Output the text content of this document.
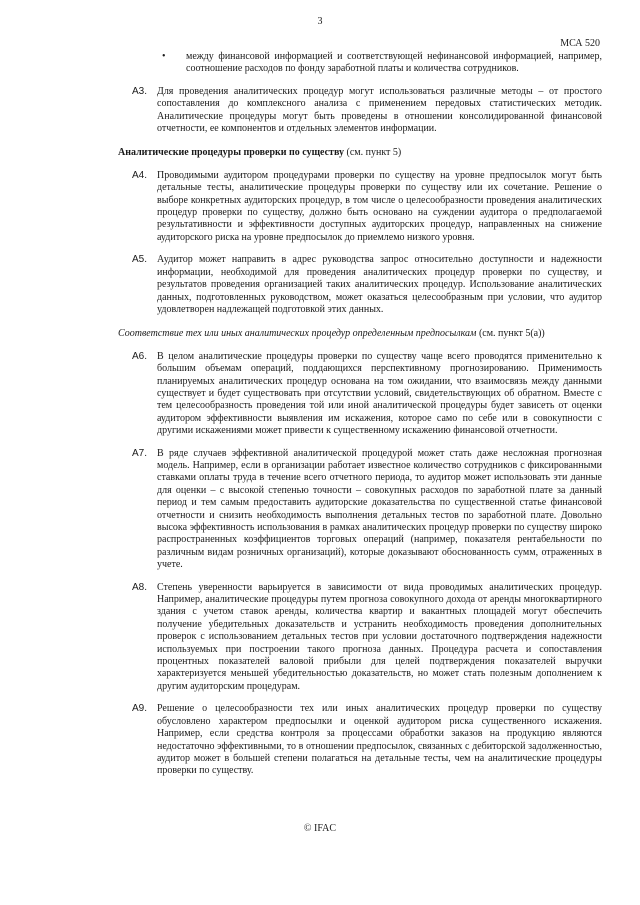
3
МСА 520
• между финансовой информацией и соответствующей нефинансовой информацией, например, соотношение расходов по фонду заработной платы и количества сотрудников.
A3. Для проведения аналитических процедур могут использоваться различные методы – от простого сопоставления до комплексного анализа с применением передовых статистических методик. Аналитические процедуры могут быть проведены в отношении консолидированной финансовой отчетности, ее компонентов и отдельных элементов информации.
Аналитические процедуры проверки по существу (см. пункт 5)
A4. Проводимыми аудитором процедурами проверки по существу на уровне предпосылок могут быть детальные тесты, аналитические процедуры проверки по существу или их сочетание. Решение о выборе конкретных аудиторских процедур, в том числе о целесообразности проведения аналитических процедур проверки по существу, должно быть основано на суждении аудитора о предполагаемой результативности и эффективности доступных аудиторских процедур, направленных на снижение аудиторского риска на уровне предпосылок до приемлемо низкого уровня.
A5. Аудитор может направить в адрес руководства запрос относительно доступности и надежности информации, необходимой для проведения аналитических процедур проверки по существу, и результатов проведения организацией таких аналитических процедур. Использование аналитических данных, подготовленных руководством, может оказаться целесообразным при условии, что аудитор удовлетворен надлежащей подготовкой этих данных.
Соответствие тех или иных аналитических процедур определенным предпосылкам (см. пункт 5(а))
A6. В целом аналитические процедуры проверки по существу чаще всего проводятся применительно к большим объемам операций, поддающихся перспективному прогнозированию. Применимость планируемых аналитических процедур основана на том ожидании, что взаимосвязь между данными существует и будет существовать при отсутствии условий, свидетельствующих об обратном. Вместе с тем целесообразность проведения той или иной аналитической процедуры будет зависеть от оценки аудитором эффективности выявления им искажения, которое само по себе или в совокупности с другими искажениями может привести к существенному искажению финансовой отчетности.
A7. В ряде случаев эффективной аналитической процедурой может стать даже несложная прогнозная модель. Например, если в организации работает известное количество сотрудников с фиксированными ставками оплаты труда в течение всего отчетного периода, то аудитор может использовать эти данные для оценки – с высокой степенью точности – совокупных расходов по заработной плате за данный период и тем самым предоставить аудиторские доказательства по существенной статье финансовой отчетности и снизить необходимость выполнения детальных тестов по заработной плате. Довольно высока эффективность использования в рамках аналитических процедур проверки по существу широко распространенных коэффициентов торговых операций (например, показателя рентабельности по различным видам розничных организаций), которые доказывают обоснованность сумм, отраженных в учете.
A8. Степень уверенности варьируется в зависимости от вида проводимых аналитических процедур. Например, аналитические процедуры путем прогноза совокупного дохода от аренды многоквартирного здания с учетом ставок аренды, количества квартир и вакантных площадей могут обеспечить получение убедительных доказательств и устранить необходимость проведения дополнительных проверок с использованием детальных тестов при условии достаточного подтверждения надежности используемых при построении такого прогноза данных. Процедура расчета и сопоставления процентных показателей валовой прибыли для целей подтверждения показателей выручки характеризуется меньшей убедительностью доказательств, но может стать полезным дополнением к другим аудиторским процедурам.
A9. Решение о целесообразности тех или иных аналитических процедур проверки по существу обусловлено характером предпосылки и оценкой аудитором риска существенного искажения. Например, если средства контроля за процессами обработки заказов на продукцию являются недостаточно эффективными, то в отношении предпосылок, связанных с дебиторской задолженностью, аудитор может в большей степени полагаться на детальные тесты, чем на аналитические процедуры проверки по существу.
© IFAC
